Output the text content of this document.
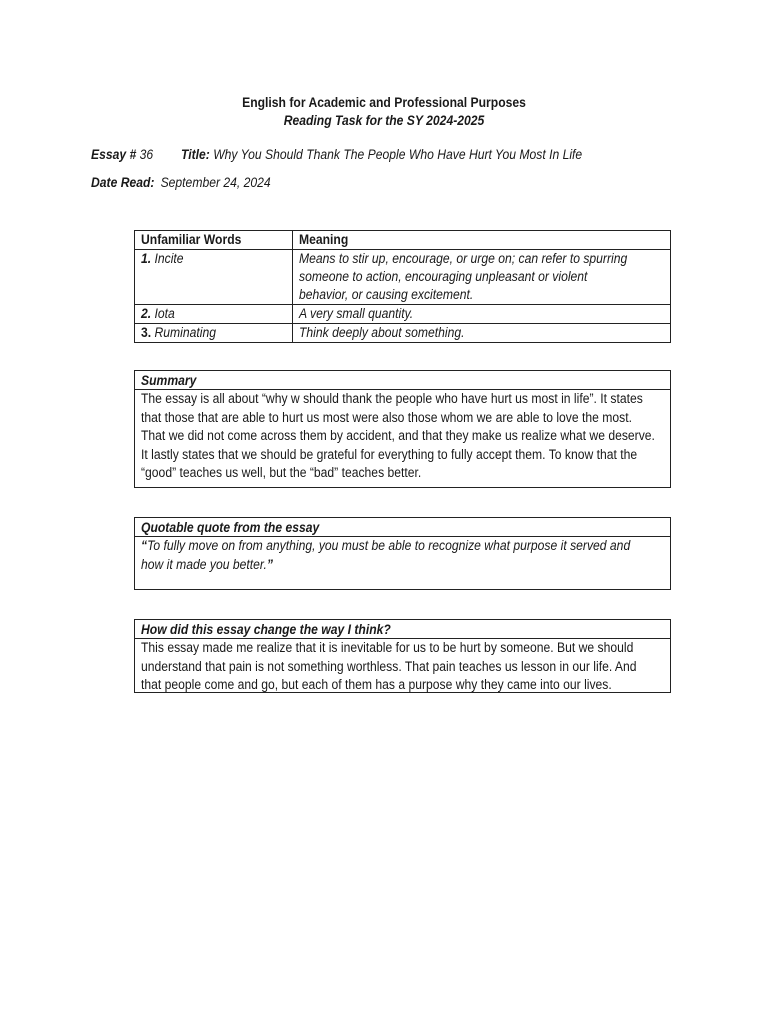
English for Academic and Professional Purposes
Reading Task for the SY 2024-2025
Essay # 36 Title: Why You Should Thank The People Who Have Hurt You Most In Life
Date Read: September 24, 2024
Unfamiliar Words	Meaning

1. Incite	Means to stir up, encourage, or urge on; can refer to spurring
someone to action, encouraging unpleasant or violent
behavior, or causing excitement.

2. Iota	A very small quantity.

3. Ruminating	Think deeply about something.
Summary
The essay is all about “why w should thank the people who have hurt us most in life”. It states
that those that are able to hurt us most were also those whom we are able to love the most.
That we did not come across them by accident, and that they make us realize what we deserve.
It lastly states that we should be grateful for everything to fully accept them. To know that the
“good” teaches us well, but the “bad” teaches better.
Quotable quote from the essay
“To fully move on from anything, you must be able to recognize what purpose it served and
how it made you better.”
How did this essay change the way I think?
This essay made me realize that it is inevitable for us to be hurt by someone. But we should
understand that pain is not something worthless. That pain teaches us lesson in our life. And
that people come and go, but each of them has a purpose why they came into our lives.
